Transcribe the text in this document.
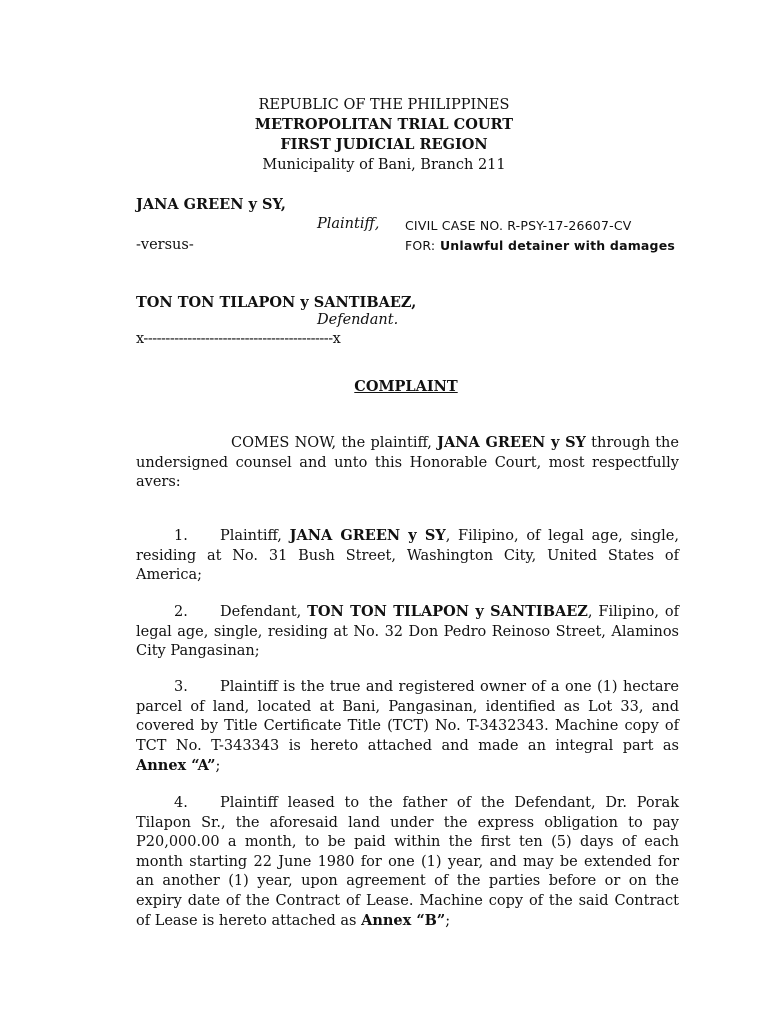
REPUBLIC OF THE PHILIPPINES
METROPOLITAN TRIAL COURT
FIRST JUDICIAL REGION
Municipality of Bani, Branch 211
JANA GREEN y SY,
Plaintiff, CIVIL CASE NO. R-PSY-17-26607-CV
-versus-	FOR: Unlawful detainer with damages
TON TON TILAPON y SANTIBAEZ,
Defendant.
x-------------------------------------------x
COMPLAINT
COMES NOW, the plaintiff, JANA GREEN y SY through the undersigned counsel and unto this Honorable Court, most respectfully avers:
1. Plaintiff, JANA GREEN y SY, Filipino, of legal age, single, residing at No. 31 Bush Street, Washington City, United States of America;
2. Defendant, TON TON TILAPON y SANTIBAEZ, Filipino, of legal age, single, residing at No. 32 Don Pedro Reinoso Street, Alaminos City Pangasinan;
3. Plaintiff is the true and registered owner of a one (1) hectare parcel of land, located at Bani, Pangasinan, identified as Lot 33, and covered by Title Certificate Title (TCT) No. T-3432343. Machine copy of TCT No. T-343343 is hereto attached and made an integral part as Annex “A”;
4. Plaintiff leased to the father of the Defendant, Dr. Porak Tilapon Sr., the aforesaid land under the express obligation to pay P20,000.00 a month, to be paid within the first ten (5) days of each month starting 22 June 1980 for one (1) year, and may be extended for an another (1) year, upon agreement of the parties before or on the expiry date of the Contract of Lease. Machine copy of the said Contract of Lease is hereto attached as Annex “B”;
